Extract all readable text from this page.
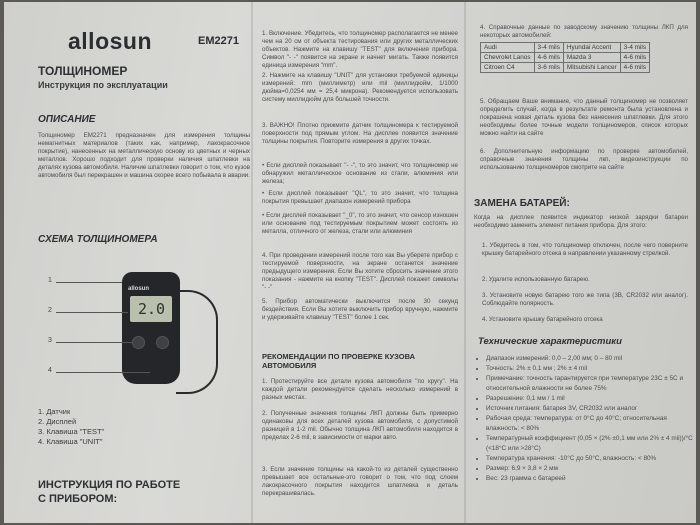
allosun	EM2271
ТОЛЩИНОМЕР
Инструкция по эксплуатации
ОПИСАНИЕ
Толщиномер EM2271 предназначен для измерения толщины немагнитных материалов (таких как, например, лакокрасочное покрытие), нанесенных на металлическую основу из цветных и черных металлов. Хорошо подходит для проверки наличия шпатлевки на деталях кузова автомобиля. Наличие шпатлевки говорит о том, что кузов автомобиля был перекрашен и машина скорее всего побывала в аварии.
СХЕМА ТОЛЩИНОМЕРА
allosun
2.0
1
2
3
4
1. Датчик
2. Дисплей
3. Клавиша "TEST"
4. Клавиша "UNIT"
ИНСТРУКЦИЯ ПО РАБОТЕ
С ПРИБОРОМ:
1. Включение. Убедитесь, что толщиномер располагается не менее чем на 20 см от объекта тестирования или других металлических объектов. Нажмите на клавишу "TEST" для включения прибора. Символ "- -" появится на экране и начнет мигать. Также появится единица измерения "mm".
2. Нажмите на клавишу "UNIT" для установки требуемой единицы измерений: mm (миллиметр) или mil (миллидюйм, 1/1000 дюйма=0,0254 мм = 25,4 микрона). Рекомендуется использовать систему миллидюйм для большей точности.
3. ВАЖНО! Плотно прижмите датчик толщиномера к тестируемой поверхности под прямым углом. На дисплее появится значение толщины покрытия. Повторите измерения в других точках.
• Если дисплей показывает "- -", то это значит, что толщиномер не обнаружил металлическое основание из стали, алюминия или железа;
• Если дисплей показывает "QL", то это значит, что толщина покрытия превышает диапазон измерений прибора
• Если дисплей показывает "_0", то это значит, что сенсор изношен или основание под тестируемым покрытием может состоять из металла, отличного от железа, стали или алюминия
4. При проведении измерений после того как Вы уберете прибор с тестируемой поверхности, на экране останется значение предыдущего измерения. Если Вы хотите сбросить значение этого показания - нажмите на кнопку "TEST". Дисплей покажет символы "- -"
5. Прибор автоматически выключится после 30 секунд бездействия. Если Вы хотите выключить прибор вручную, нажмите и удерживайте клавишу "TEST" более 1 сек.
РЕКОМЕНДАЦИИ ПО ПРОВЕРКЕ КУЗОВА АВТОМОБИЛЯ
1. Протестируйте все детали кузова автомобиля "по кругу". На каждой детали рекомендуется сделать несколько измерений в разных местах.
2. Полученные значения толщины ЛКП должны быть примерно одинаковы для всех деталей кузова автомобиля, с допустимой разницей в 1-2 mil. Обычно толщина ЛКП автомобиля находится в пределах 2-6 mil, в зависимости от марки авто.
3. Если значение толщины на какой-то из деталей существенно превышает все остальные-это говорит о том, что под слоем лакокрасочного покрытия находится шпатлевка и деталь перекрашивалась.
4. Справочные данные по заводскому значению толщины ЛКП для некоторых автомобилей:
Audi	3-4 mils	Hyundai Accent	3-4 mils
Chevrolet Lanos	4-6 mils	Mazda 3	4-6 mils
Citroen C4	3-6 mils	Mitsubishi Lancer	4-6 mils
5. Обращаем Ваше внимание, что данный толщиномер не позволяет определить случай, когда в результате ремонта была установлена и покрашена новая деталь кузова без нанесения шпатлевки. Для этого необходимы более точные модели толщиномеров, список которых можно найти на сайте
6. Дополнительную информацию по проверке автомобилей, справочные значения толщины лкп, видеоинструкции по использованию толщиномеров смотрите на сайте
ЗАМЕНА БАТАРЕЙ:
Когда на дисплее появится индикатор низкой зарядки батареи необходимо заменить элемент питания прибора. Для этого:
1. Убедитесь в том, что толщиномер отключен, после чего поверните крышку батарейного отсека в направлении указанному стрелкой.
2. Удалите использованную батарею.
3. Установите новую батарею того же типа (3В, CR2032 или аналог). Соблюдайте полярность.
4. Установите крышку батарейного отсека
Технические характеристики
• Диапазон измерений: 0,0 – 2,00 мм; 0 – 80 mil
• Точность: 2% ± 0,1 мм ; 2% ± 4 mil
• Примечание: точность гарантируется при температуре 23С ± 5С и относительной влажности не более 75%
• Разрешение: 0,1 мм / 1 mil
• Источник питания: батарея 3V, CR2032 или аналог
• Рабочая среда: температура: от 0°С до 40°С; относительная влажность: < 80%
• Температурный коэффициент (0,05 × (2% ±0,1 мм или 2% ± 4 mil))/°С (<18°С или >28°С)
• Температура хранения: -10°С до 50°С, влажность: < 80%
• Размер: 6,9 × 3,8 × 2 мм
• Вес: 23 грамма с батареей
